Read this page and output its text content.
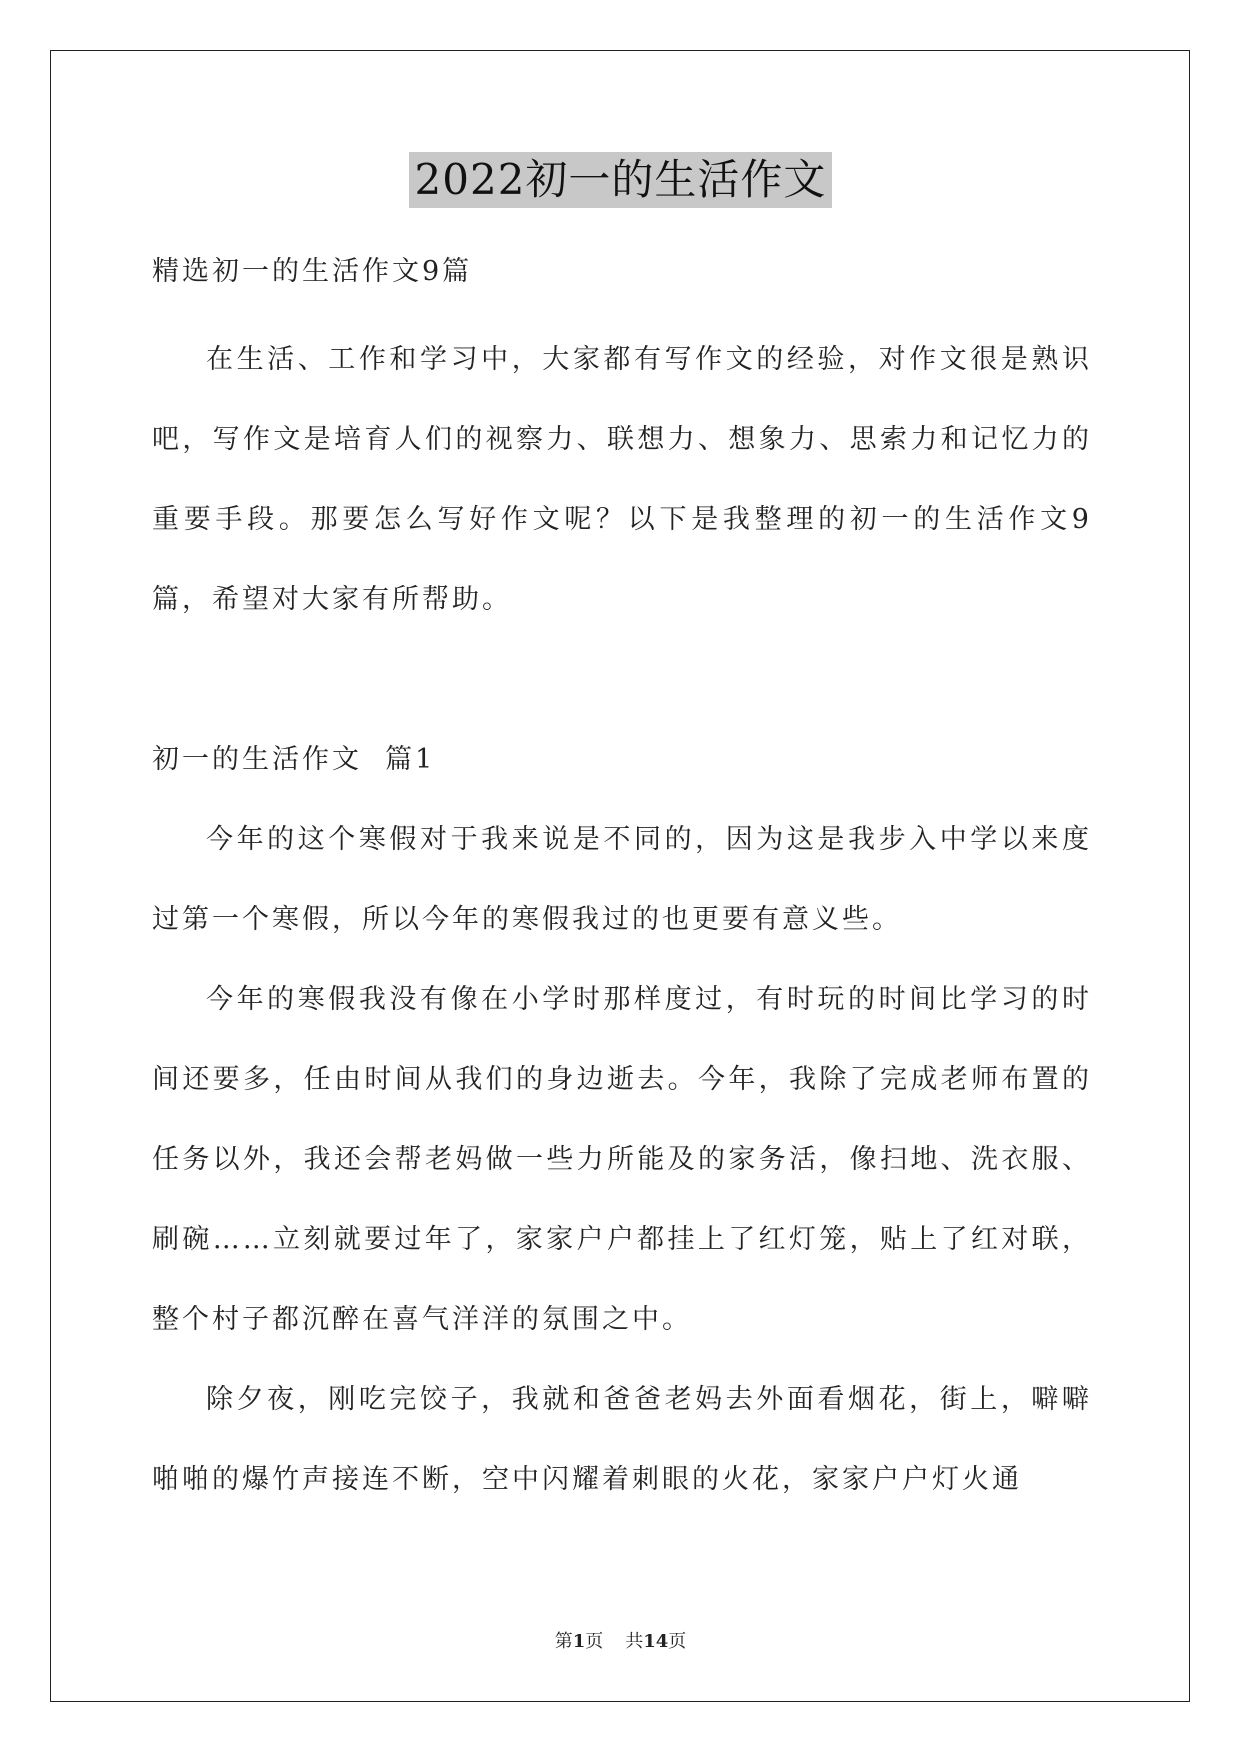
2022初一的生活作文

精选初一的生活作文9篇

在生活、工作和学习中，大家都有写作文的经验，对作文很是熟识吧，写作文是培育人们的视察力、联想力、想象力、思索力和记忆力的重要手段。那要怎么写好作文呢？以下是我整理的初一的生活作文9篇，希望对大家有所帮助。

初一的生活作文  篇1

今年的这个寒假对于我来说是不同的，因为这是我步入中学以来度过第一个寒假，所以今年的寒假我过的也更要有意义些。

今年的寒假我没有像在小学时那样度过，有时玩的时间比学习的时间还要多，任由时间从我们的身边逝去。今年，我除了完成老师布置的任务以外，我还会帮老妈做一些力所能及的家务活，像扫地、洗衣服、刷碗……立刻就要过年了，家家户户都挂上了红灯笼，贴上了红对联，整个村子都沉醉在喜气洋洋的氛围之中。

除夕夜，刚吃完饺子，我就和爸爸老妈去外面看烟花，街上，噼噼啪啪的爆竹声接连不断，空中闪耀着刺眼的火花，家家户户灯火通

第1页 共14页
